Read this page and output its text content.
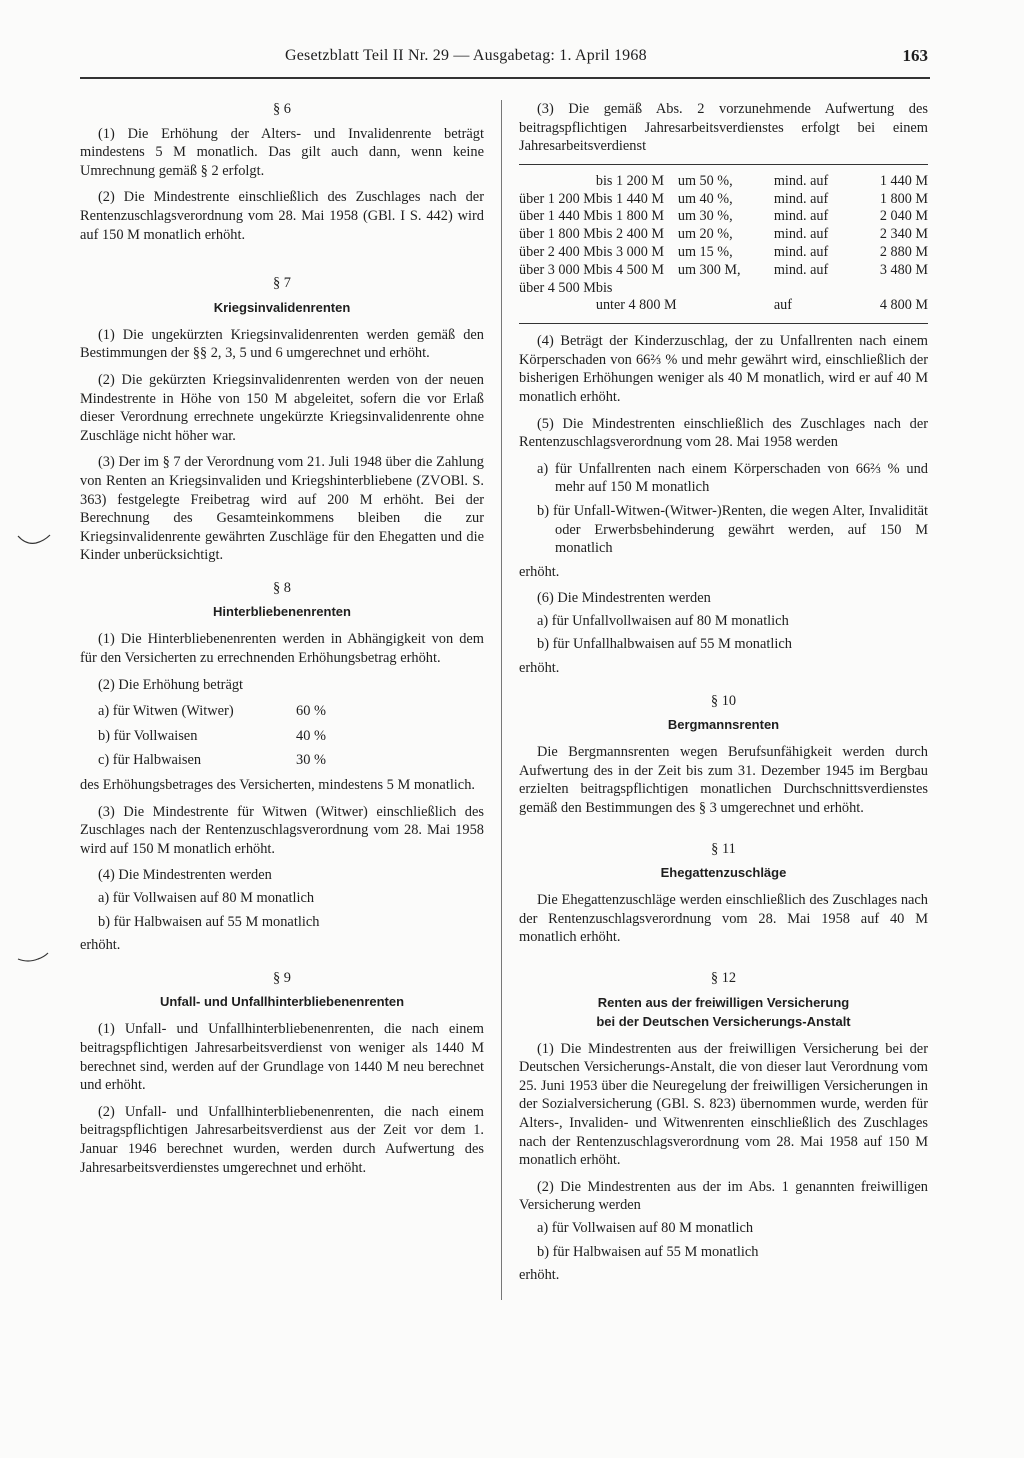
Gesetzblatt Teil II Nr. 29 — Ausgabetag: 1. April 1968	163
§ 6

(1) Die Erhöhung der Alters- und Invalidenrente beträgt mindestens 5 M monatlich. Das gilt auch dann, wenn keine Umrechnung gemäß § 2 erfolgt.

(2) Die Mindestrente einschließlich des Zuschlages nach der Rentenzuschlagsverordnung vom 28. Mai 1958 (GBl. I S. 442) wird auf 150 M monatlich erhöht.

§ 7
Kriegsinvalidenrenten

(1) Die ungekürzten Kriegsinvalidenrenten werden gemäß den Bestimmungen der §§ 2, 3, 5 und 6 umgerechnet und erhöht.

(2) Die gekürzten Kriegsinvalidenrenten werden von der neuen Mindestrente in Höhe von 150 M abgeleitet, sofern die vor Erlaß dieser Verordnung errechnete ungekürzte Kriegsinvalidenrente ohne Zuschläge nicht höher war.

(3) Der im § 7 der Verordnung vom 21. Juli 1948 über die Zahlung von Renten an Kriegsinvaliden und Kriegshinterbliebene (ZVOBl. S. 363) festgelegte Freibetrag wird auf 200 M erhöht. Bei der Berechnung des Gesamteinkommens bleiben die zur Kriegsinvalidenrente gewährten Zuschläge für den Ehegatten und die Kinder unberücksichtigt.

§ 8
Hinterbliebenenrenten

(1) Die Hinterbliebenenrenten werden in Abhängigkeit von dem für den Versicherten zu errechnenden Erhöhungsbetrag erhöht.

(2) Die Erhöhung beträgt

a) für Witwen (Witwer)	60 %
b) für Vollwaisen	40 %
c) für Halbwaisen	30 %

des Erhöhungsbetrages des Versicherten, mindestens 5 M monatlich.

(3) Die Mindestrente für Witwen (Witwer) einschließlich des Zuschlages nach der Rentenzuschlagsverordnung vom 28. Mai 1958 wird auf 150 M monatlich erhöht.

(4) Die Mindestrenten werden

a) für Vollwaisen auf 80 M monatlich
b) für Halbwaisen auf 55 M monatlich

erhöht.

§ 9
Unfall- und Unfallhinterbliebenenrenten

(1) Unfall- und Unfallhinterbliebenenrenten, die nach einem beitragspflichtigen Jahresarbeitsverdienst von weniger als 1440 M berechnet sind, werden auf der Grundlage von 1440 M neu berechnet und erhöht.

(2) Unfall- und Unfallhinterbliebenenrenten, die nach einem beitragspflichtigen Jahresarbeitsverdienst aus der Zeit vor dem 1. Januar 1946 berechnet wurden, werden durch Aufwertung des Jahresarbeitsverdienstes umgerechnet und erhöht.

(3) Die gemäß Abs. 2 vorzunehmende Aufwertung des beitragspflichtigen Jahresarbeitsverdienstes erfolgt bei einem Jahresarbeitsverdienst

	bis 1 200 M	um 50 %,	mind. auf	1 440 M
über 1 200 M	bis 1 440 M	um 40 %,	mind. auf	1 800 M
über 1 440 M	bis 1 800 M	um 30 %,	mind. auf	2 040 M
über 1 800 M	bis 2 400 M	um 20 %,	mind. auf	2 340 M
über 2 400 M	bis 3 000 M	um 15 %,	mind. auf	2 880 M
über 3 000 M	bis 4 500 M	um 300 M,	mind. auf	3 480 M
über 4 500 M	bis			
	unter 4 800 M		auf	4 800 M

(4) Beträgt der Kinderzuschlag, der zu Unfallrenten nach einem Körperschaden von 66⅔ % und mehr gewährt wird, einschließlich der bisherigen Erhöhungen weniger als 40 M monatlich, wird er auf 40 M monatlich erhöht.

(5) Die Mindestrenten einschließlich des Zuschlages nach der Rentenzuschlagsverordnung vom 28. Mai 1958 werden

a) für Unfallrenten nach einem Körperschaden von 66⅔ % und mehr auf 150 M monatlich
b) für Unfall-Witwen-(Witwer-)Renten, die wegen Alter, Invalidität oder Erwerbsbehinderung gewährt werden, auf 150 M monatlich

erhöht.

(6) Die Mindestrenten werden

a) für Unfallvollwaisen auf 80 M monatlich
b) für Unfallhalbwaisen auf 55 M monatlich

erhöht.

§ 10
Bergmannsrenten

Die Bergmannsrenten wegen Berufsunfähigkeit werden durch Aufwertung des in der Zeit bis zum 31. Dezember 1945 im Bergbau erzielten beitragspflichtigen monatlichen Durchschnittsverdienstes gemäß den Bestimmungen des § 3 umgerechnet und erhöht.

§ 11
Ehegattenzuschläge

Die Ehegattenzuschläge werden einschließlich des Zuschlages nach der Rentenzuschlagsverordnung vom 28. Mai 1958 auf 40 M monatlich erhöht.

§ 12
Renten aus der freiwilligen Versicherung
bei der Deutschen Versicherungs-Anstalt

(1) Die Mindestrenten aus der freiwilligen Versicherung bei der Deutschen Versicherungs-Anstalt, die von dieser laut Verordnung vom 25. Juni 1953 über die Neuregelung der freiwilligen Versicherungen in der Sozialversicherung (GBl. S. 823) übernommen wurde, werden für Alters-, Invaliden- und Witwenrenten einschließlich des Zuschlages nach der Rentenzuschlagsverordnung vom 28. Mai 1958 auf 150 M monatlich erhöht.

(2) Die Mindestrenten aus der im Abs. 1 genannten freiwilligen Versicherung werden

a) für Vollwaisen auf 80 M monatlich
b) für Halbwaisen auf 55 M monatlich

erhöht.
